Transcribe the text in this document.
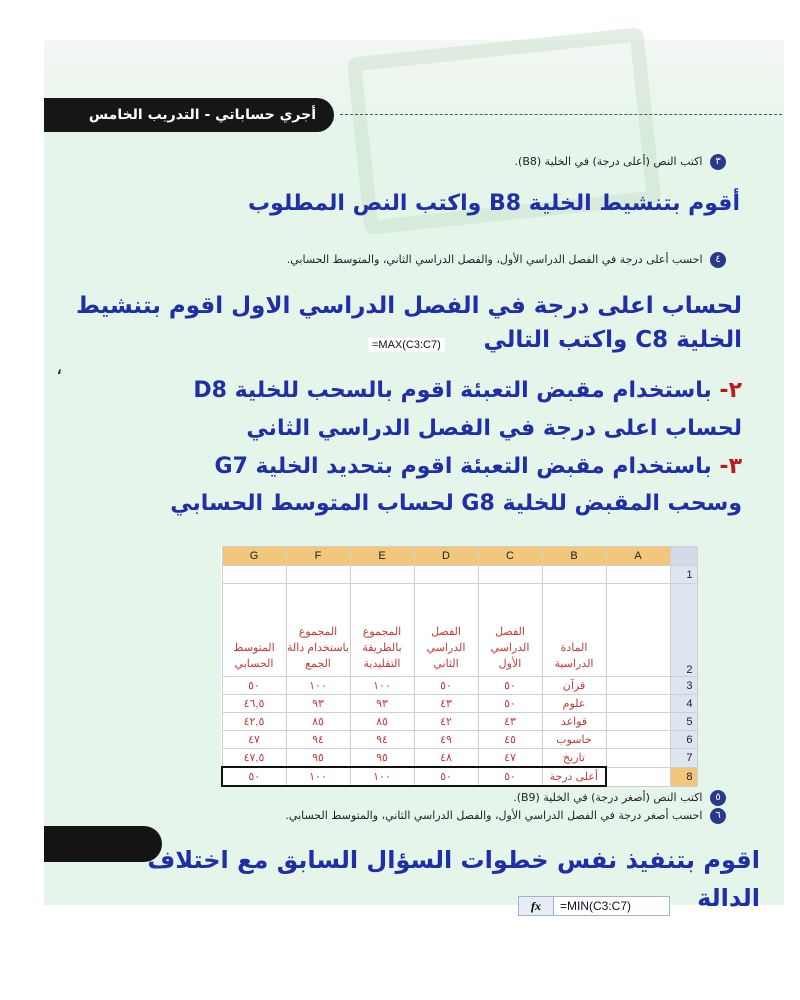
أجري حساباتي - التدريب الخامس
٣ اكتب النص (أعلى درجة) في الخلية (B8).
أقوم بتنشيط الخلية B8 واكتب النص المطلوب
٤ احسب أعلى درجة في الفصل الدراسي الأول، والفصل الدراسي الثاني، والمتوسط الحسابي.
لحساب اعلى درجة في الفصل الدراسي الاول اقوم بتنشيط
الخلية C8 واكتب التالي
=MAX(C3:C7)
،
٢- باستخدام مقبض التعبئة اقوم بالسحب للخلية D8
لحساب اعلى درجة في الفصل الدراسي الثاني
٣- باستخدام مقبض التعبئة اقوم بتحديد الخلية G7
وسحب المقبض للخلية G8 لحساب المتوسط الحسابي
G	F	E	D	C	B	A	
							1
المتوسط الحسابي	المجموع باستخدام دالة الجمع	المجموع بالطريقة التقليدية	الفصل الدراسي الثاني	الفصل الدراسي الأول	المادة الدراسية		2
٥٠	١٠٠	١٠٠	٥٠	٥٠	قرآن		3
٤٦,٥	٩٣	٩٣	٤٣	٥٠	علوم		4
٤٢,٥	٨٥	٨٥	٤٢	٤٣	قواعد		5
٤٧	٩٤	٩٤	٤٩	٤٥	حاسوب		6
٤٧,٥	٩٥	٩٥	٤٨	٤٧	تاريخ		7
٥٠	١٠٠	١٠٠	٥٠	٥٠	أعلى درجة		8
٥ اكتب النص (أصغر درجة) في الخلية (B9).
٦ احسب أصغر درجة في الفصل الدراسي الأول، والفصل الدراسي الثاني، والمتوسط الحسابي.
اقوم بتنفيذ نفس خطوات السؤال السابق مع اختلاف
الدالة
fx	=MIN(C3:C7)
